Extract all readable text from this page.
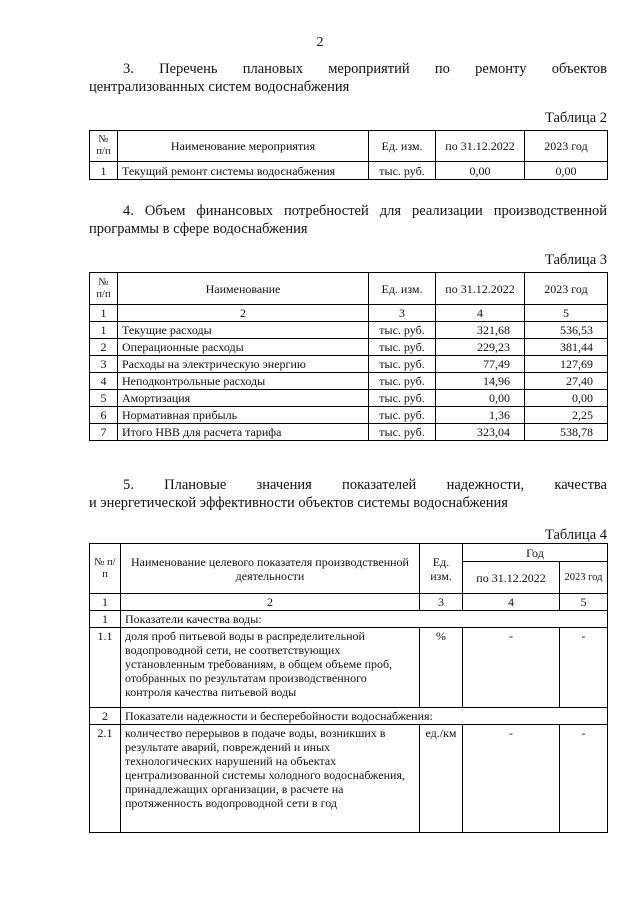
2
3. Перечень плановых мероприятий по ремонту объектов
централизованных систем водоснабжения
Таблица 2
№ п/п	Наименование мероприятия	Ед. изм.	по 31.12.2022	2023 год
1	Текущий ремонт системы водоснабжения	тыс. руб.	0,00	0,00
4. Объем финансовых потребностей для реализации производственной
программы в сфере водоснабжения
Таблица 3
№ п/п	Наименование	Ед. изм.	по 31.12.2022	2023 год
1	2	3	4	5
1	Текущие расходы	тыс. руб.	321,68	536,53
2	Операционные расходы	тыс. руб.	229,23	381,44
3	Расходы на электрическую энергию	тыс. руб.	77,49	127,69
4	Неподконтрольные расходы	тыс. руб.	14,96	27,40
5	Амортизация	тыс. руб.	0,00	0,00
6	Нормативная прибыль	тыс. руб.	1,36	2,25
7	Итого НВВ для расчета тарифа	тыс. руб.	323,04	538,78
5. Плановые значения показателей надежности, качества
и энергетической эффективности объектов системы водоснабжения
Таблица 4
№ п/п	Наименование целевого показателя производственной деятельности	Ед. изм.	Год	
			по 31.12.2022	2023 год
1	2	3	4	5
1	Показатели качества воды:			
1.1	доля проб питьевой воды в распределительной водопроводной сети, не соответствующих установленным требованиям, в общем объеме проб, отобранных по результатам производственного контроля качества питьевой воды	%	-	-
2	Показатели надежности и бесперебойности водоснабжения:			
2.1	количество перерывов в подаче воды, возникших в результате аварий, повреждений и иных технологических нарушений на объектах централизованной системы холодного водоснабжения, принадлежащих организации, в расчете на протяженность водопроводной сети в год	ед./км	-	-
